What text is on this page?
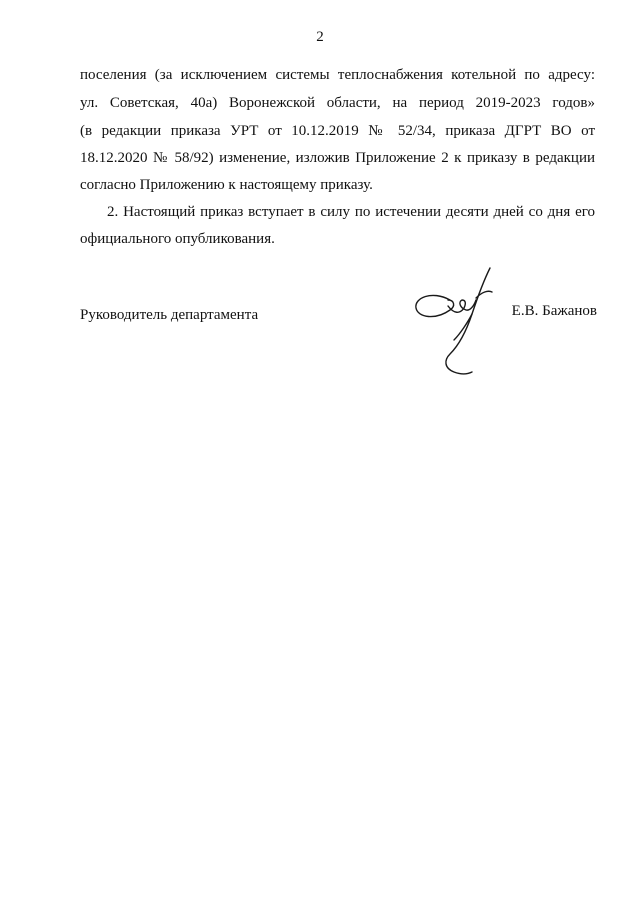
2
поселения (за исключением системы теплоснабжения котельной по адресу:
ул. Советская, 40а) Воронежской области, на период 2019-2023 годов»
(в редакции приказа УРТ от 10.12.2019 № 52/34, приказа ДГРТ ВО от
18.12.2020 № 58/92) изменение, изложив Приложение 2 к приказу в редакции
согласно Приложению к настоящему приказу.
2. Настоящий приказ вступает в силу по истечении десяти дней со дня его
официального опубликования.
Руководитель департамента	Е.В. Бажанов
